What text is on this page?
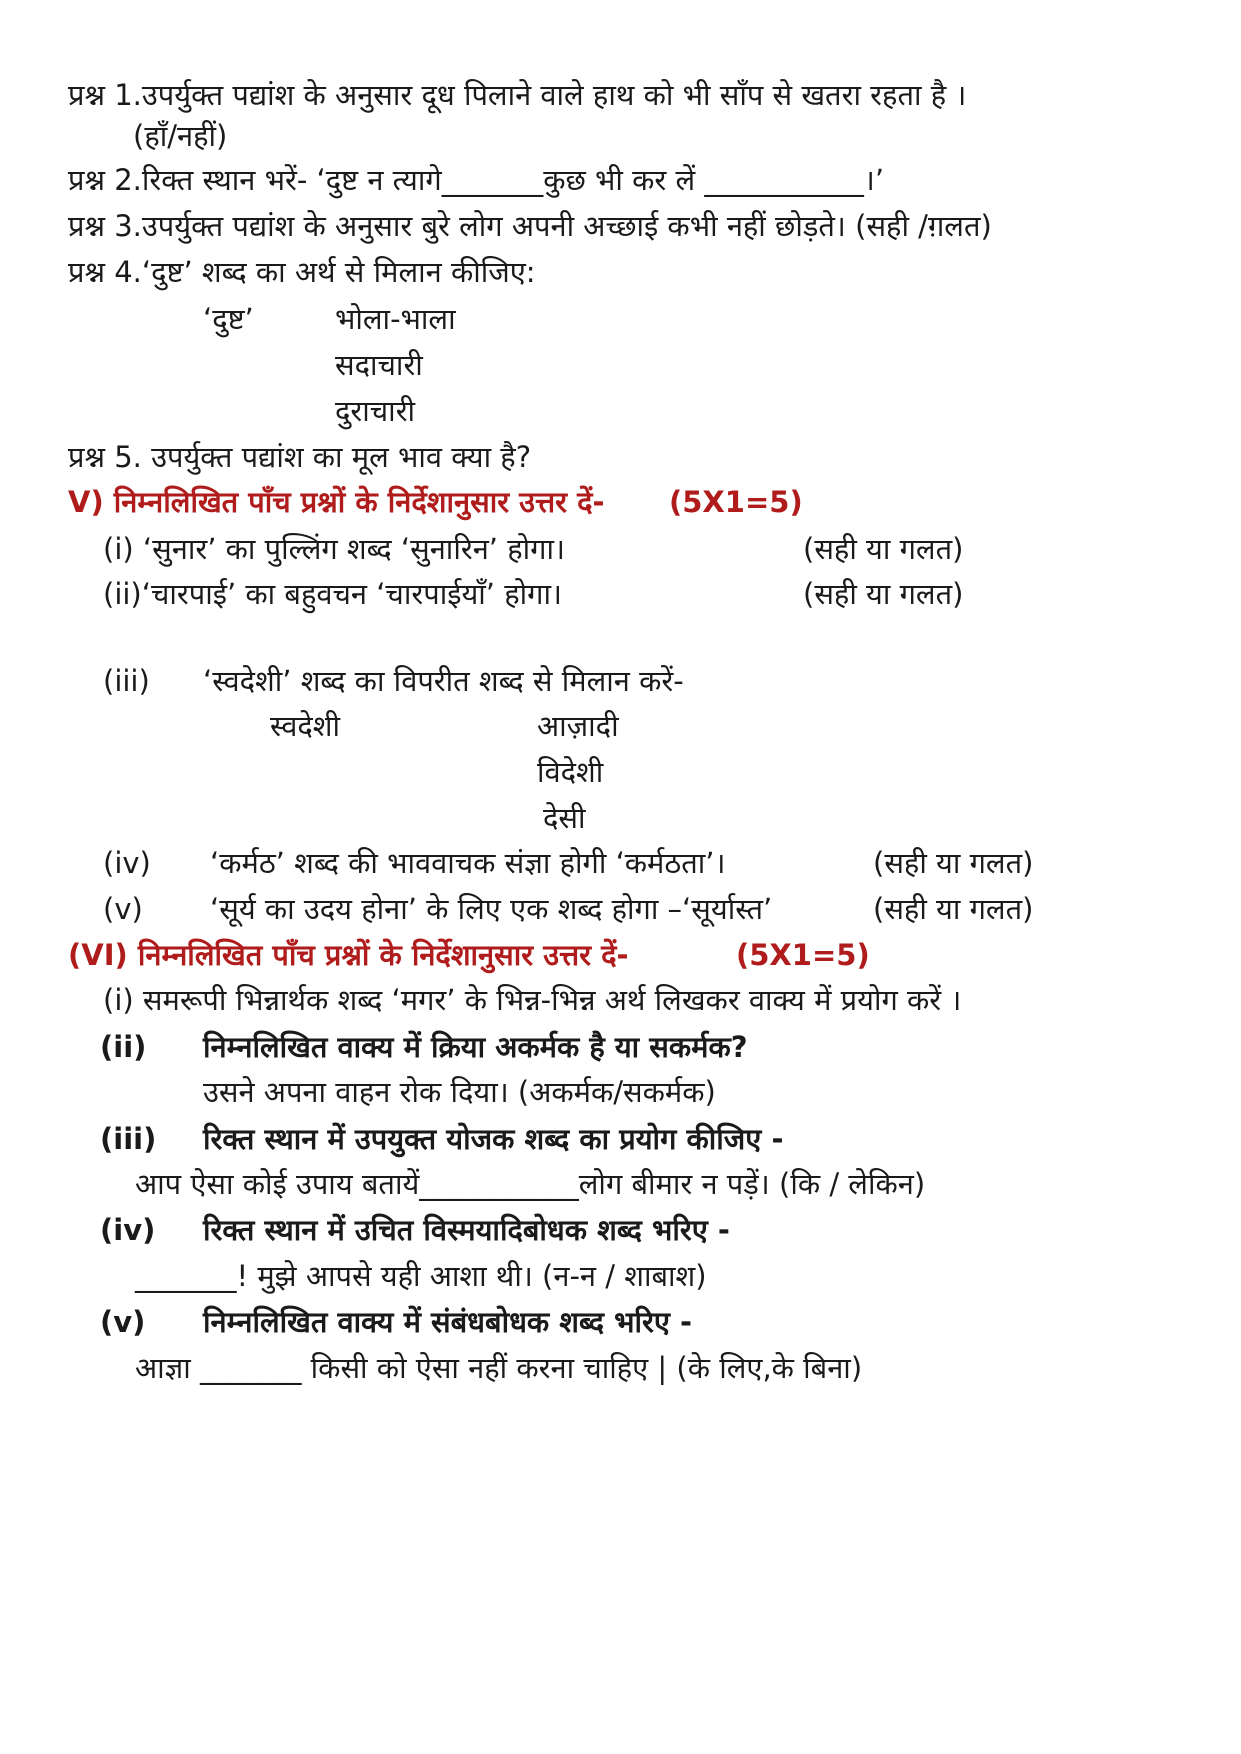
प्रश्न 1.उपर्युक्त पद्यांश के अनुसार दूध पिलाने वाले हाथ को भी साँप से खतरा रहता है ।
(हाँ/नहीं)
प्रश्न 2.रिक्त स्थान भरें- ‘दुष्ट न त्यागे_______कुछ भी कर लें ___________।’
प्रश्न 3.उपर्युक्त पद्यांश के अनुसार बुरे लोग अपनी अच्छाई कभी नहीं छोड़ते। (सही /ग़लत)
प्रश्न 4.‘दुष्ट’ शब्द का अर्थ से मिलान कीजिए:
‘दुष्ट’	भोला-भाला
सदाचारी
दुराचारी
प्रश्न 5. उपर्युक्त पद्यांश का मूल भाव क्या है?
V) निम्नलिखित पाँच प्रश्नों के निर्देशानुसार उत्तर दें- (5X1=5)
(i) ‘सुनार’ का पुल्लिंग शब्द ‘सुनारिन’ होगा।	(सही या गलत)
(ii)‘चारपाई’ का बहुवचन ‘चारपाईयाँ’ होगा।	(सही या गलत)
(iii) ‘स्वदेशी’ शब्द का विपरीत शब्द से मिलान करें-
स्वदेशी	आज़ादी
विदेशी
देसी
(iv) ‘कर्मठ’ शब्द की भाववाचक संज्ञा होगी ‘कर्मठता’।	(सही या गलत)
(v) ‘सूर्य का उदय होना’ के लिए एक शब्द होगा –‘सूर्यास्त’	(सही या गलत)
(VI) निम्नलिखित पाँच प्रश्नों के निर्देशानुसार उत्तर दें-	(5X1=5)
(i) समरूपी भिन्नार्थक शब्द ‘मगर’ के भिन्न-भिन्न अर्थ लिखकर वाक्य में प्रयोग करें ।
(ii) निम्नलिखित वाक्य में क्रिया अकर्मक है या सकर्मक?
उसने अपना वाहन रोक दिया। (अकर्मक/सकर्मक)
(iii) रिक्त स्थान में उपयुक्त योजक शब्द का प्रयोग कीजिए -
आप ऐसा कोई उपाय बतायें___________लोग बीमार न पड़ें। (कि / लेकिन)
(iv) रिक्त स्थान में उचित विस्मयादिबोधक शब्द भरिए -
_______! मुझे आपसे यही आशा थी। (न-न / शाबाश)
(v) निम्नलिखित वाक्य में संबंधबोधक शब्द भरिए -
आज्ञा _______ किसी को ऐसा नहीं करना चाहिए | (के लिए,के बिना)
